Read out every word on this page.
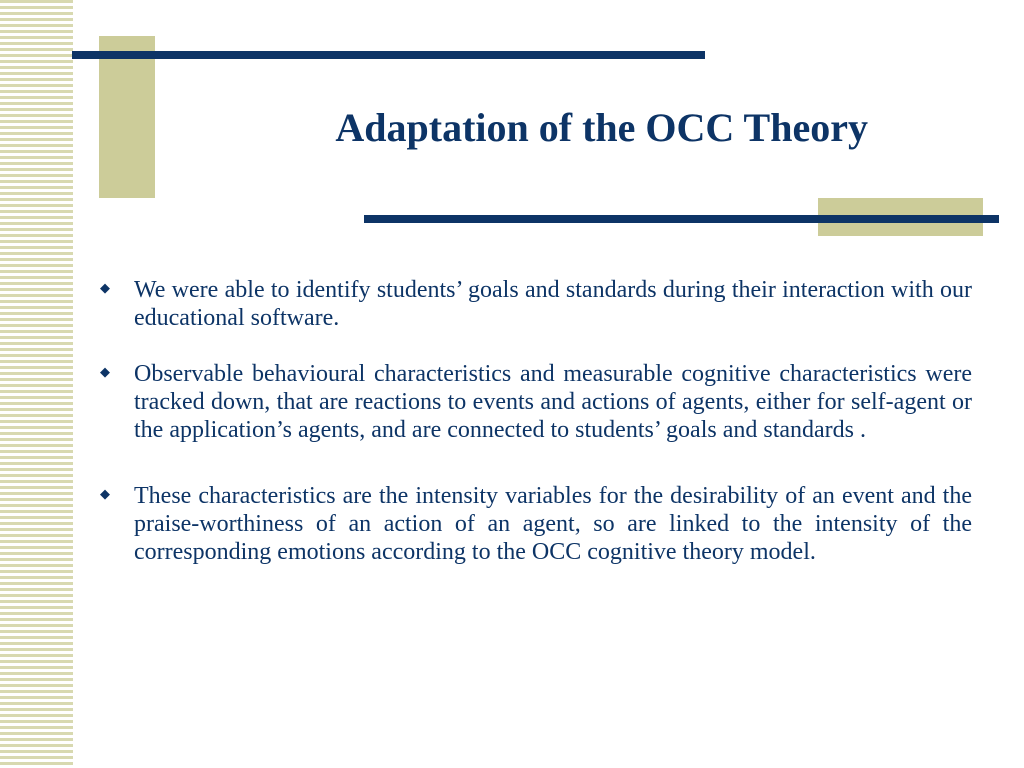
Adaptation of the OCC Theory
◆ We were able to identify students’ goals and standards during their interaction with our educational software.
◆ Observable behavioural characteristics and measurable cognitive characteristics were tracked down, that are reactions to events and actions of agents, either for self-agent or the application’s agents, and are connected to students’ goals and standards .
◆ These characteristics are the intensity variables for the desirability of an event and the praise-worthiness of an action of an agent, so are linked to the intensity of the corresponding emotions according to the OCC cognitive theory model.
